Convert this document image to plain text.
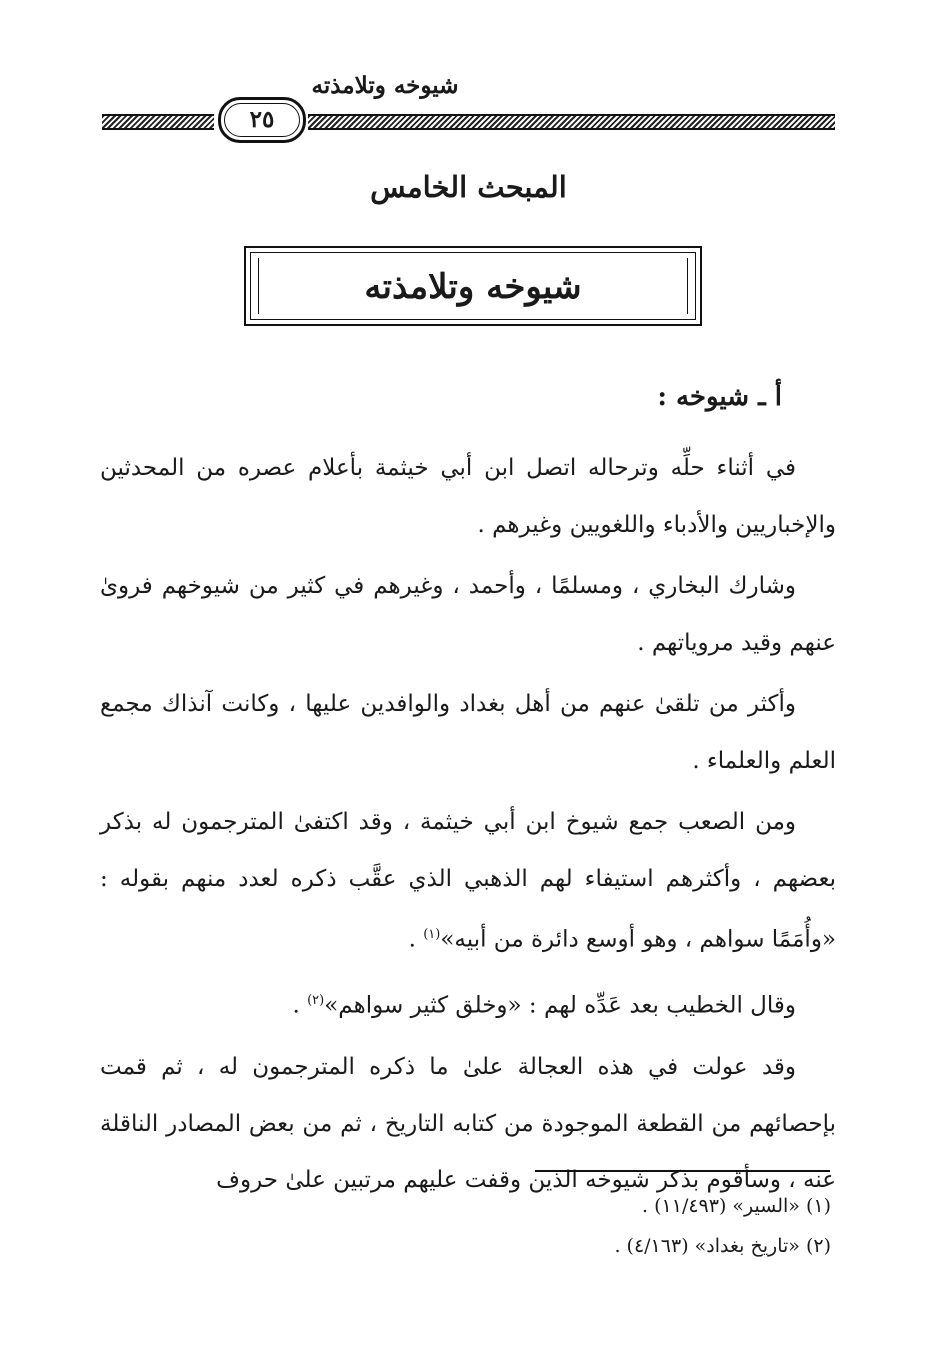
شيوخه وتلامذته
٢٥
المبحث الخامس
شيوخه وتلامذته
أ ـ شيوخه :

في أثناء حلِّه وترحاله اتصل ابن أبي خيثمة بأعلام عصره من المحدثين والإخباريين والأدباء واللغويين وغيرهم .

وشارك البخاري ، ومسلمًا ، وأحمد ، وغيرهم في كثير من شيوخهم فروىٰ عنهم وقيد مروياتهم .

وأكثر من تلقىٰ عنهم من أهل بغداد والوافدين عليها ، وكانت آنذاك مجمع العلم والعلماء .

ومن الصعب جمع شيوخ ابن أبي خيثمة ، وقد اكتفىٰ المترجمون له بذكر بعضهم ، وأكثرهم استيفاء لهم الذهبي الذي عقَّب ذكره لعدد منهم بقوله : «وأُمَمًا سواهم ، وهو أوسع دائرة من أبيه»$^{(١)}$ .

وقال الخطيب بعد عَدِّه لهم : «وخلق كثير سواهم»$^{(٢)}$ .

وقد عولت في هذه العجالة علىٰ ما ذكره المترجمون له ، ثم قمت بإحصائهم من القطعة الموجودة من كتابه التاريخ ، ثم من بعض المصادر الناقلة عنه ، وسأقوم بذكر شيوخه الذين وقفت عليهم مرتبين علىٰ حروف

(١) «السير» (١١/٤٩٣) .
(٢) «تاريخ بغداد» (٤/١٦٣) .
